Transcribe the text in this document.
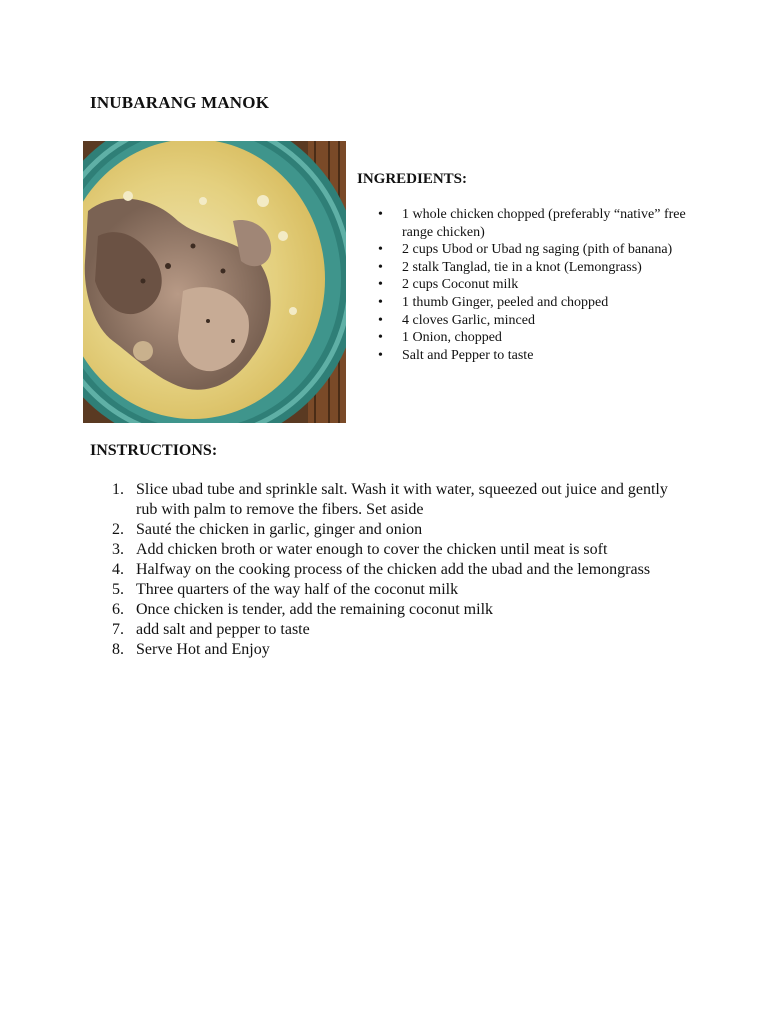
INUBARANG MANOK
INGREDIENTS:
• 1 whole chicken chopped (preferably “native” free range chicken)
• 2 cups Ubod or Ubad ng saging (pith of banana)
• 2 stalk Tanglad, tie in a knot (Lemongrass)
• 2 cups Coconut milk
• 1 thumb Ginger, peeled and chopped
• 4 cloves Garlic, minced
• 1 Onion, chopped
• Salt and Pepper to taste
INSTRUCTIONS:
1. Slice ubad tube and sprinkle salt. Wash it with water, squeezed out juice and gently rub with palm to remove the fibers. Set aside
2. Sauté the chicken in garlic, ginger and onion
3. Add chicken broth or water enough to cover the chicken until meat is soft
4. Halfway on the cooking process of the chicken add the ubad and the lemongrass
5. Three quarters of the way half of the coconut milk
6. Once chicken is tender, add the remaining coconut milk
7. add salt and pepper to taste
8. Serve Hot and Enjoy
